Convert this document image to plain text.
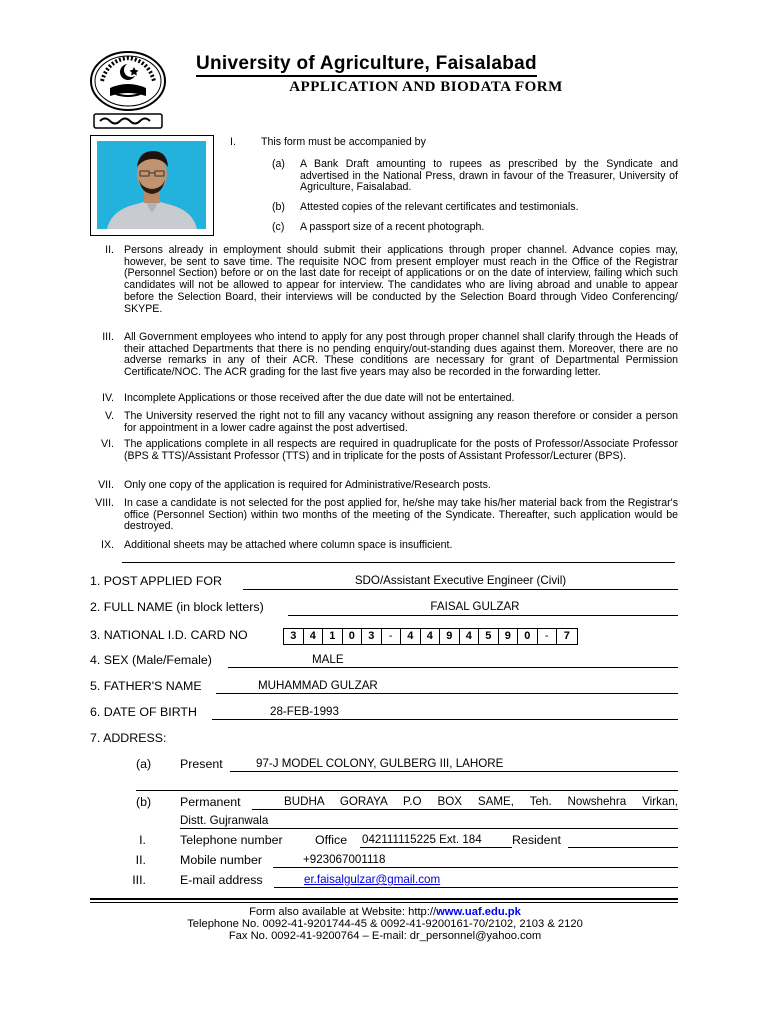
University of Agriculture, Faisalabad
APPLICATION AND BIODATA FORM
I. This form must be accompanied by
(a) A Bank Draft amounting to rupees as prescribed by the Syndicate and advertised in the National Press, drawn in favour of the Treasurer, University of Agriculture, Faisalabad.
(b) Attested copies of the relevant certificates and testimonials.
(c) A passport size of a recent photograph.
II. Persons already in employment should submit their applications through proper channel. Advance copies may, however, be sent to save time. The requisite NOC from present employer must reach in the Office of the Registrar (Personnel Section) before or on the last date for receipt of applications or on the date of interview, failing which such candidates will not be allowed to appear for interview. The candidates who are living abroad and unable to appear before the Selection Board, their interviews will be conducted by the Selection Board through Video Conferencing/ SKYPE.
III. All Government employees who intend to apply for any post through proper channel shall clarify through the Heads of their attached Departments that there is no pending enquiry/out-standing dues against them. Moreover, there are no adverse remarks in any of their ACR. These conditions are necessary for grant of Departmental Permission Certificate/NOC. The ACR grading for the last five years may also be recorded in the forwarding letter.
IV. Incomplete Applications or those received after the due date will not be entertained.
V. The University reserved the right not to fill any vacancy without assigning any reason therefore or consider a person for appointment in a lower cadre against the post advertised.
VI. The applications complete in all respects are required in quadruplicate for the posts of Professor/Associate Professor (BPS & TTS)/Assistant Professor (TTS) and in triplicate for the posts of Assistant Professor/Lecturer (BPS).
VII. Only one copy of the application is required for Administrative/Research posts.
VIII. In case a candidate is not selected for the post applied for, he/she may take his/her material back from the Registrar's office (Personnel Section) within two months of the meeting of the Syndicate. Thereafter, such application would be destroyed.
IX. Additional sheets may be attached where column space is insufficient.
1. POST APPLIED FOR	SDO/Assistant Executive Engineer (Civil)
2. FULL NAME (in block letters)	FAISAL GULZAR
3. NATIONAL I.D. CARD NO	3	4	1	0	3	-	4	4	9	4	5	9	0	-	7
4. SEX (Male/Female)	MALE
5. FATHER'S NAME	MUHAMMAD GULZAR
6. DATE OF BIRTH	28-FEB-1993
7. ADDRESS:
(a) Present	97-J MODEL COLONY, GULBERG III, LAHORE
(b) Permanent	BUDHA GORAYA P.O BOX SAME, Teh. Nowshehra Virkan,
Distt. Gujranwala
I.	Telephone number	Office 042111115225 Ext. 184 Resident
II.	Mobile number	+923067001118
III.	E-mail address	er.faisalgulzar@gmail.com
Form also available at Website: http://www.uaf.edu.pk
Telephone No. 0092-41-9201744-45 & 0092-41-9200161-70/2102, 2103 & 2120
Fax No. 0092-41-9200764 – E-mail: dr_personnel@yahoo.com
